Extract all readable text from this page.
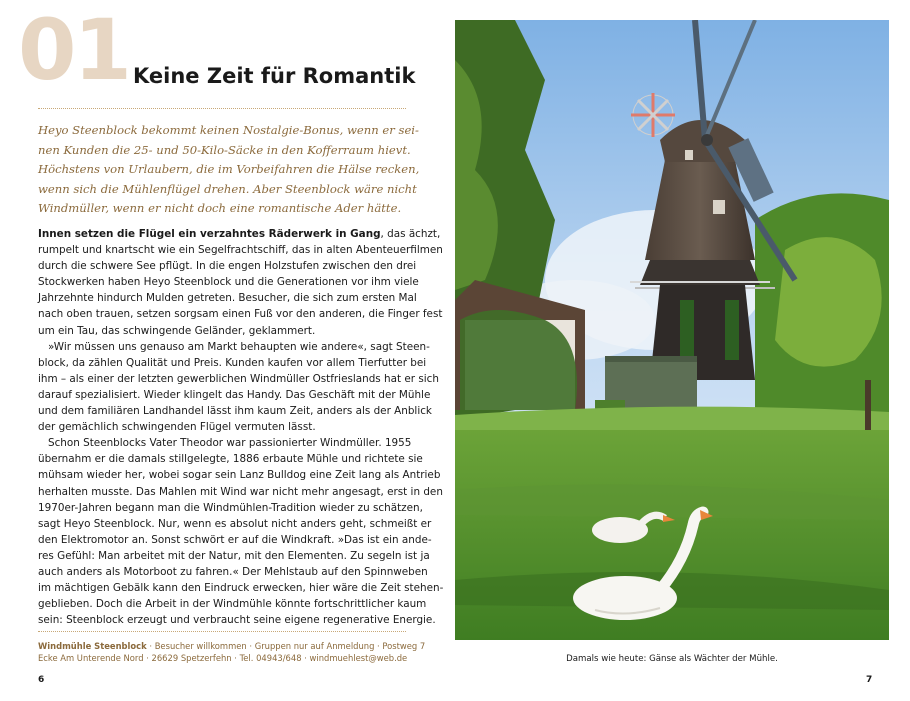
01 Keine Zeit für Romantik
Heyo Steenblock bekommt keinen Nostalgie-Bonus, wenn er sei-
nen Kunden die 25- und 50-Kilo-Säcke in den Kofferraum hievt.
Höchstens von Urlaubern, die im Vorbeifahren die Hälse recken,
wenn sich die Mühlenflügel drehen. Aber Steenblock wäre nicht
Windmüller, wenn er nicht doch eine romantische Ader hätte.
Innen setzen die Flügel ein verzahntes Räderwerk in Gang, das ächzt,
rumpelt und knartscht wie ein Segelfrachtschiff, das in alten Abenteuerfilmen
durch die schwere See pflügt. In die engen Holzstufen zwischen den drei
Stockwerken haben Heyo Steenblock und die Generationen vor ihm viele
Jahrzehnte hindurch Mulden getreten. Besucher, die sich zum ersten Mal
nach oben trauen, setzen sorgsam einen Fuß vor den anderen, die Finger fest
um ein Tau, das schwingende Geländer, geklammert.
»Wir müssen uns genauso am Markt behaupten wie andere«, sagt Steen-
block, da zählen Qualität und Preis. Kunden kaufen vor allem Tierfutter bei
ihm – als einer der letzten gewerblichen Windmüller Ostfrieslands hat er sich
darauf spezialisiert. Wieder klingelt das Handy. Das Geschäft mit der Mühle
und dem familiären Landhandel lässt ihm kaum Zeit, anders als der Anblick
der gemächlich schwingenden Flügel vermuten lässt.
Schon Steenblocks Vater Theodor war passionierter Windmüller. 1955
übernahm er die damals stillgelegte, 1886 erbaute Mühle und richtete sie
mühsam wieder her, wobei sogar sein Lanz Bulldog eine Zeit lang als Antrieb
herhalten musste. Das Mahlen mit Wind war nicht mehr angesagt, erst in den
1970er-Jahren begann man die Windmühlen-Tradition wieder zu schätzen,
sagt Heyo Steenblock. Nur, wenn es absolut nicht anders geht, schmeißt er
den Elektromotor an. Sonst schwört er auf die Windkraft. »Das ist ein ande-
res Gefühl: Man arbeitet mit der Natur, mit den Elementen. Zu segeln ist ja
auch anders als Motorboot zu fahren.« Der Mehlstaub auf den Spinnweben
im mächtigen Gebälk kann den Eindruck erwecken, hier wäre die Zeit stehen-
geblieben. Doch die Arbeit in der Windmühle könnte fortschrittlicher kaum
sein: Steenblock erzeugt und verbraucht seine eigene regenerative Energie.
Windmühle Steenblock · Besucher willkommen · Gruppen nur auf Anmeldung · Postweg 7
Ecke Am Unterende Nord · 26629 Spetzerfehn · Tel. 04943/648 · windmuehlest@web.de
6
Damals wie heute: Gänse als Wächter der Mühle.
7
